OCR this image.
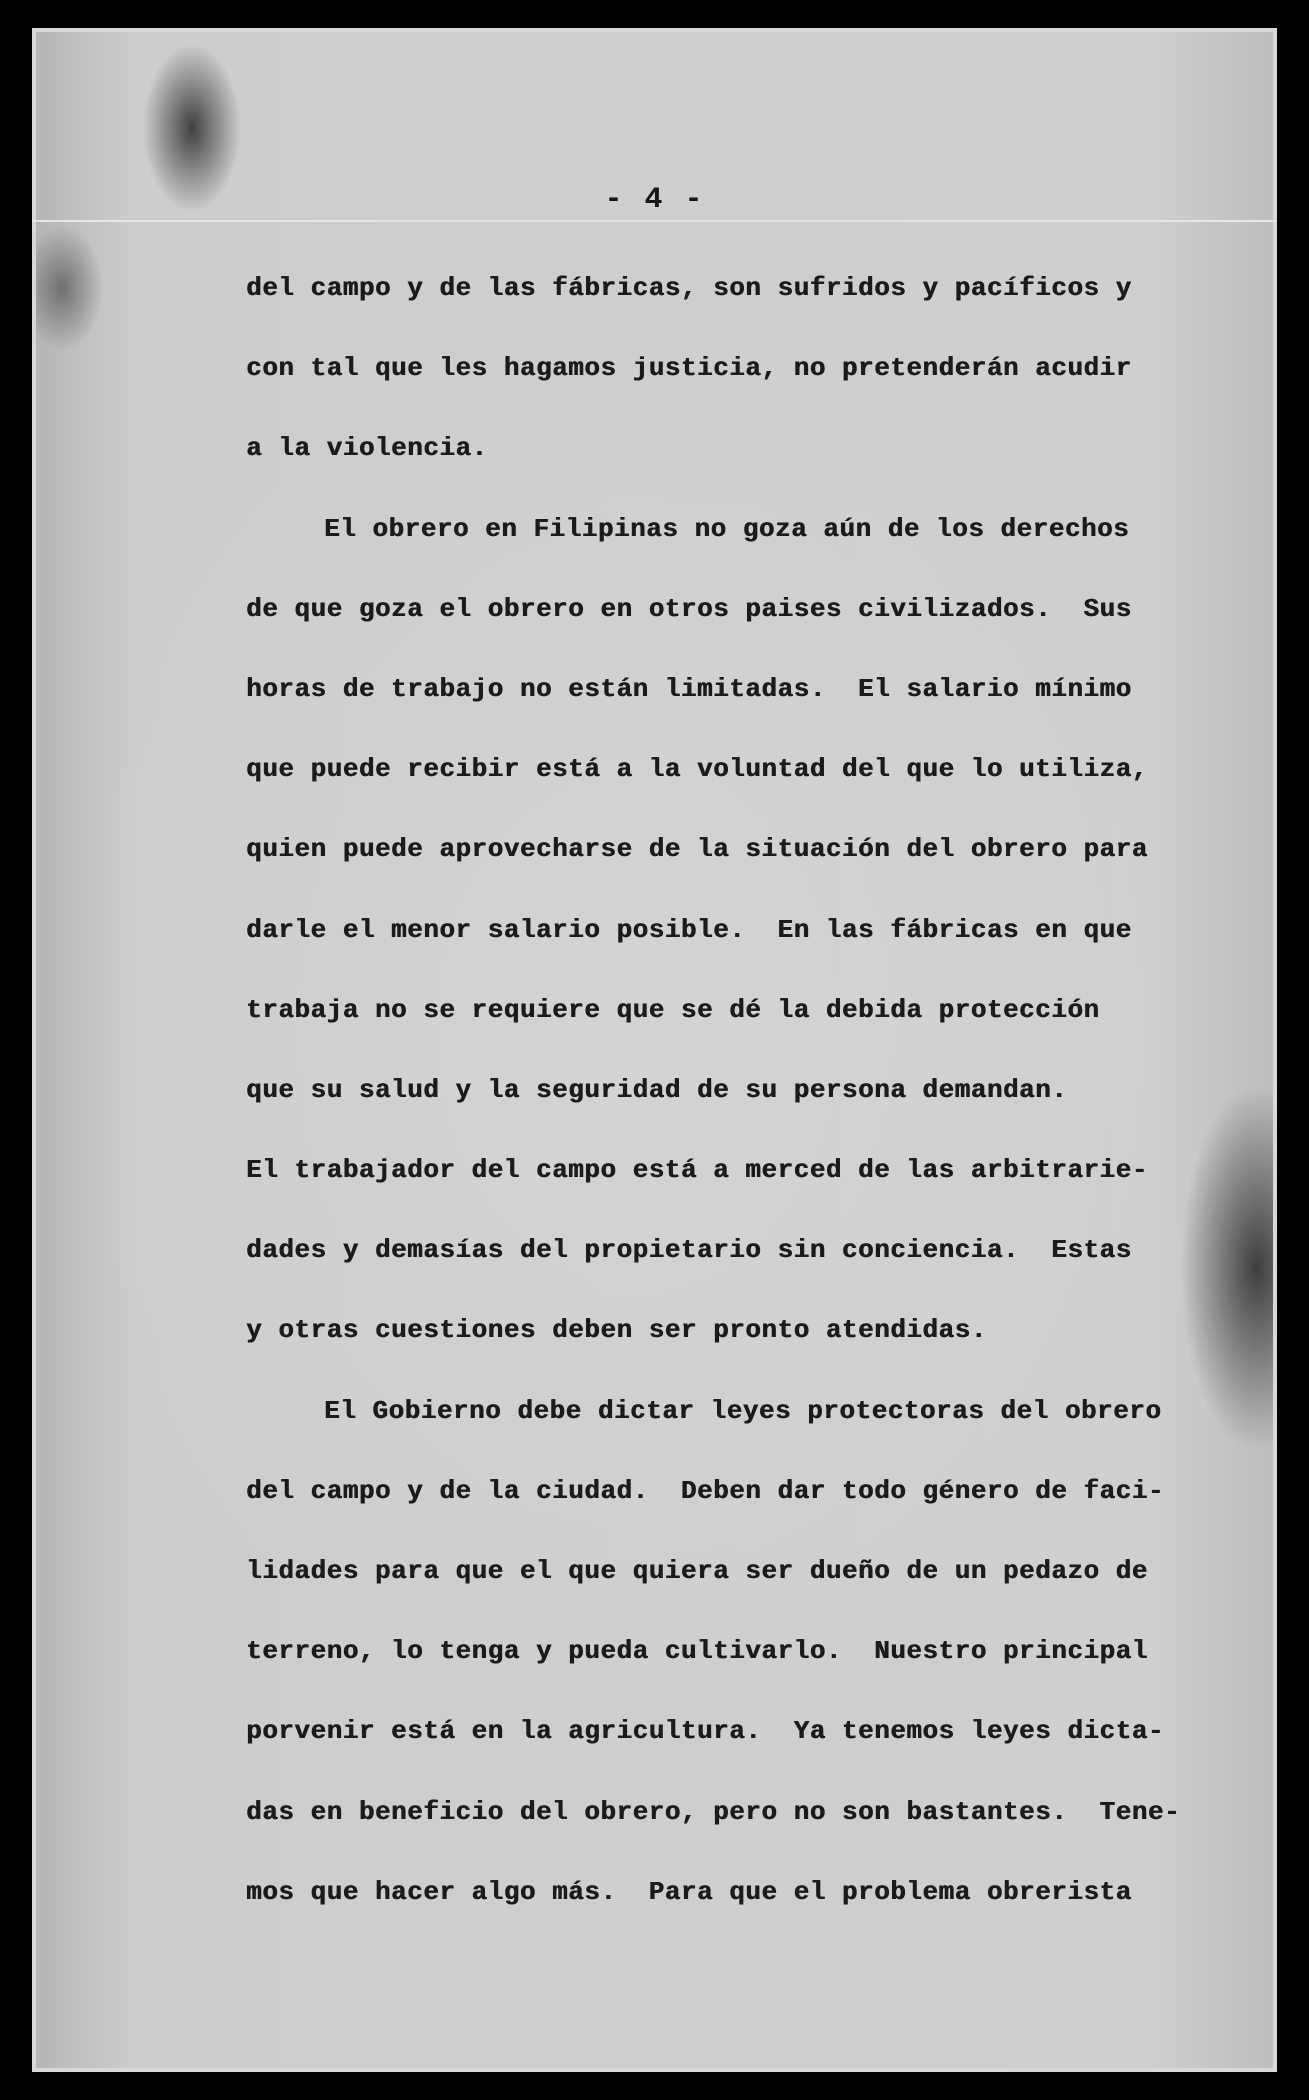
- 4 -
del campo y de las fábricas, son sufridos y pacíficos y
con tal que les hagamos justicia, no pretenderán acudir
a la violencia.
El obrero en Filipinas no goza aún de los derechos
de que goza el obrero en otros paises civilizados.  Sus
horas de trabajo no están limitadas.  El salario mínimo
que puede recibir está a la voluntad del que lo utiliza,
quien puede aprovecharse de la situación del obrero para
darle el menor salario posible.  En las fábricas en que
trabaja no se requiere que se dé la debida protección
que su salud y la seguridad de su persona demandan.
El trabajador del campo está a merced de las arbitrarie-
dades y demasías del propietario sin conciencia.  Estas
y otras cuestiones deben ser pronto atendidas.
El Gobierno debe dictar leyes protectoras del obrero
del campo y de la ciudad.  Deben dar todo género de faci-
lidades para que el que quiera ser dueño de un pedazo de
terreno, lo tenga y pueda cultivarlo.  Nuestro principal
porvenir está en la agricultura.  Ya tenemos leyes dicta-
das en beneficio del obrero, pero no son bastantes.  Tene-
mos que hacer algo más.  Para que el problema obrerista
